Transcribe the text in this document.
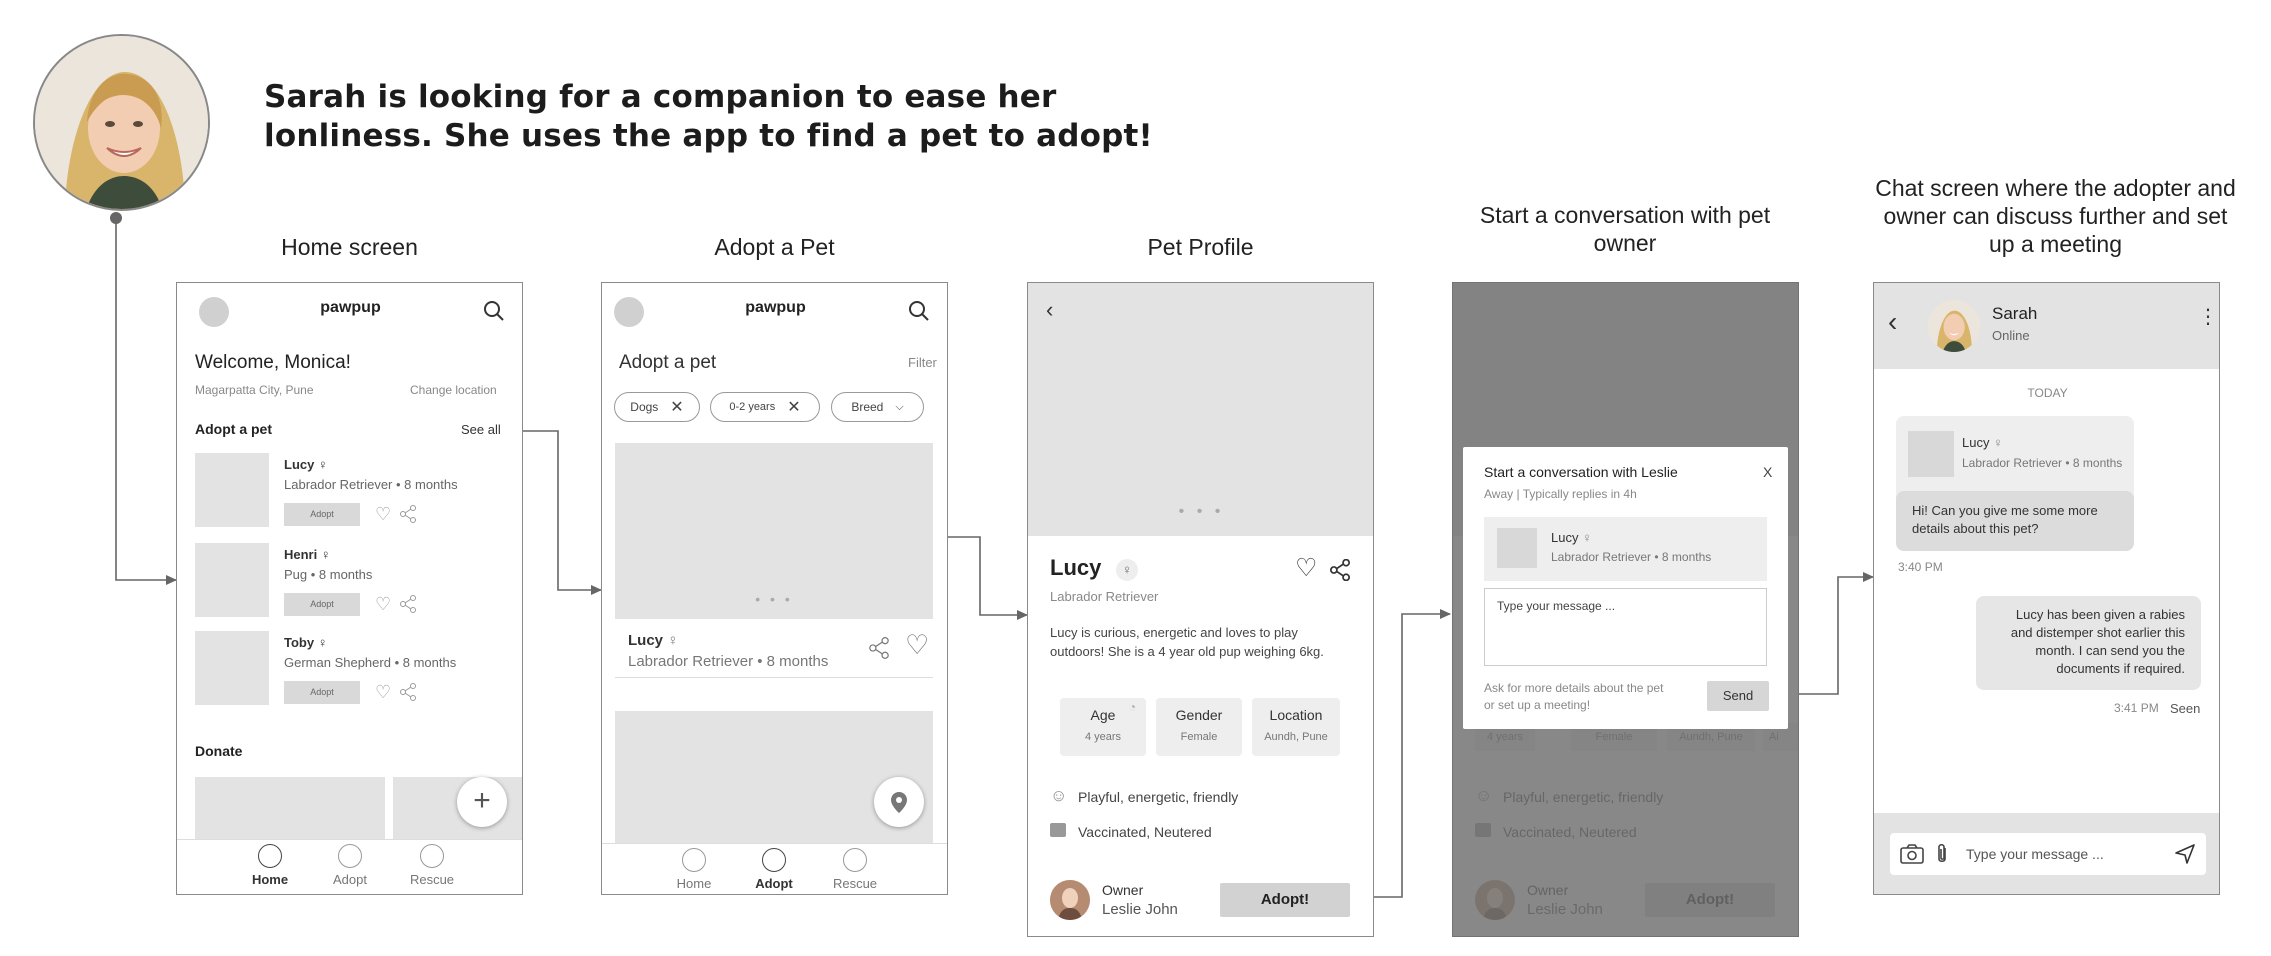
Sarah is looking for a companion to ease her lonliness. She uses the app to find a pet to adopt!
Home screen	Adopt a Pet	Pet Profile
Start a conversation with pet owner
Chat screen where the adopter and owner can discuss further and set up a meeting
pawpup
Welcome, Monica!
Magarpatta City, Pune	Change location
Adopt a pet	See all
Lucy ♀
Labrador Retriever • 8 months
Adopt	♡
Henri ♀
Pug • 8 months
Adopt	♡
Toby ♀
German Shepherd • 8 months
Adopt	♡
Donate
+
Home	Adopt	Rescue
pawpup
Adopt a pet	Filter
Dogs ✕	0-2 years ✕	Breed ⌵
• • •
Lucy ♀
Labrador Retriever • 8 months
♡
Home	Adopt	Rescue
‹
• • •
Lucy	♀	♡
Labrador Retriever
Lucy is curious, energetic and loves to play outdoors! She is a 4 year old pup weighing 6kg.
Age
4 years
◔	Gender
Female
Location
Aundh, Pune
☺ Playful, energetic, friendly
Vaccinated, Neutered
Owner
Leslie John
Adopt!
Start a conversation with Leslie	X
Away | Typically replies in 4h
Lucy ♀
Labrador Retriever • 8 months
Type your message ...
Ask for more details about the pet or set up a meeting!
Send
‹	Sarah
Online
⋮
TODAY
Lucy ♀
Labrador Retriever • 8 months
Hi! Can you give me some more details about this pet?
3:40 PM
Lucy has been given a rabies and distemper shot earlier this month. I can send you the documents if required.
3:41 PM Seen
Type your message ...
